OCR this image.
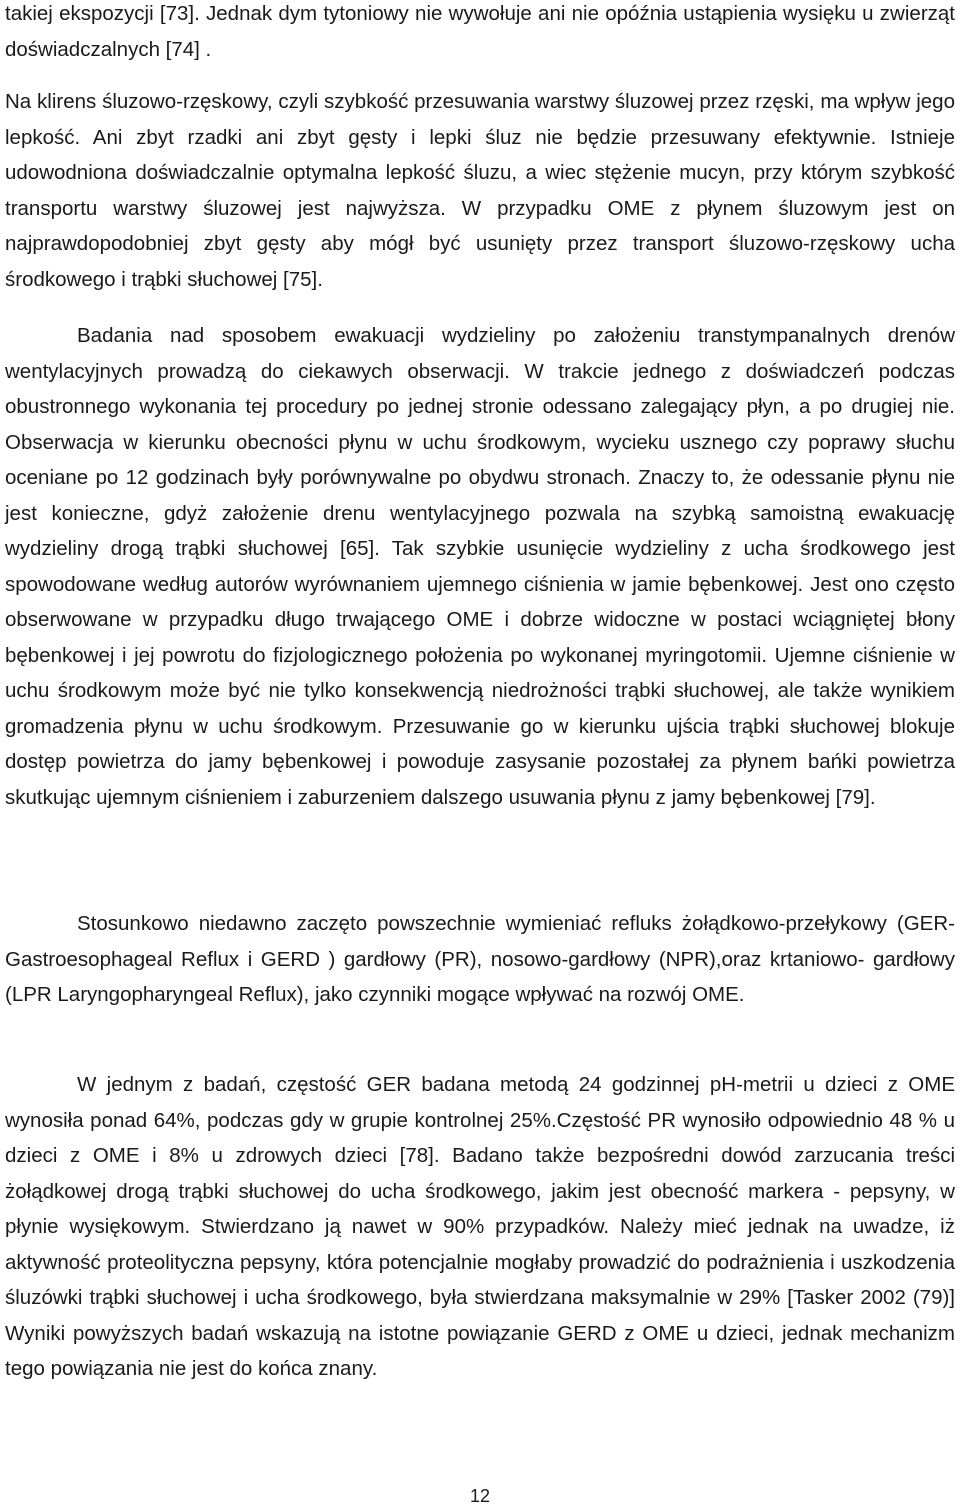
takiej ekspozycji [73]. Jednak dym tytoniowy nie wywołuje ani nie opóźnia ustąpienia wysięku u zwierząt doświadczalnych [74] .

Na klirens śluzowo-rzęskowy, czyli szybkość przesuwania warstwy śluzowej przez rzęski, ma wpływ jego lepkość. Ani zbyt rzadki ani zbyt gęsty i lepki śluz nie będzie przesuwany efektywnie. Istnieje udowodniona doświadczalnie optymalna lepkość śluzu, a wiec stężenie mucyn, przy którym szybkość transportu warstwy śluzowej jest najwyższa. W przypadku OME z płynem śluzowym jest on najprawdopodobniej zbyt gęsty aby mógł być usunięty przez transport śluzowo-rzęskowy ucha środkowego i trąbki słuchowej [75].

Badania nad sposobem ewakuacji wydzieliny po założeniu transtympanalnych drenów wentylacyjnych prowadzą do ciekawych obserwacji. W trakcie jednego z doświadczeń podczas obustronnego wykonania tej procedury po jednej stronie odessano zalegający płyn, a po drugiej nie. Obserwacja w kierunku obecności płynu w uchu środkowym, wycieku usznego czy poprawy słuchu oceniane po 12 godzinach były porównywalne po obydwu stronach. Znaczy to, że odessanie płynu nie jest konieczne, gdyż założenie drenu wentylacyjnego pozwala na szybką samoistną ewakuację wydzieliny drogą trąbki słuchowej [65]. Tak szybkie usunięcie wydzieliny z ucha środkowego jest spowodowane według autorów wyrównaniem ujemnego ciśnienia w jamie bębenkowej. Jest ono często obserwowane w przypadku długo trwającego OME i dobrze widoczne w postaci wciągniętej błony bębenkowej i jej powrotu do fizjologicznego położenia po wykonanej myringotomii. Ujemne ciśnienie w uchu środkowym może być nie tylko konsekwencją niedrożności trąbki słuchowej, ale także wynikiem gromadzenia płynu w uchu środkowym. Przesuwanie go w kierunku ujścia trąbki słuchowej blokuje dostęp powietrza do jamy bębenkowej i powoduje zasysanie pozostałej za płynem bańki powietrza skutkując ujemnym ciśnieniem i zaburzeniem dalszego usuwania płynu z jamy bębenkowej [79].

Stosunkowo niedawno zaczęto powszechnie wymieniać refluks żołądkowo-przełykowy (GER- Gastroesophageal Reflux i GERD ) gardłowy (PR), nosowo-gardłowy (NPR),oraz krtaniowo- gardłowy (LPR Laryngopharyngeal Reflux), jako czynniki mogące wpływać na rozwój OME.

W jednym z badań, częstość GER badana metodą 24 godzinnej pH-metrii u dzieci z OME wynosiła ponad 64%, podczas gdy w grupie kontrolnej 25%.Częstość PR wynosiło odpowiednio 48 % u dzieci z OME i 8% u zdrowych dzieci [78]. Badano także bezpośredni dowód zarzucania treści żołądkowej drogą trąbki słuchowej do ucha środkowego, jakim jest obecność markera - pepsyny, w płynie wysiękowym. Stwierdzano ją nawet w 90% przypadków. Należy mieć jednak na uwadze, iż aktywność proteolityczna pepsyny, która potencjalnie mogłaby prowadzić do podrażnienia i uszkodzenia śluzówki trąbki słuchowej i ucha środkowego, była stwierdzana maksymalnie w 29% [Tasker 2002 (79)] Wyniki powyższych badań wskazują na istotne powiązanie GERD z OME u dzieci, jednak mechanizm tego powiązania nie jest do końca znany.

12
